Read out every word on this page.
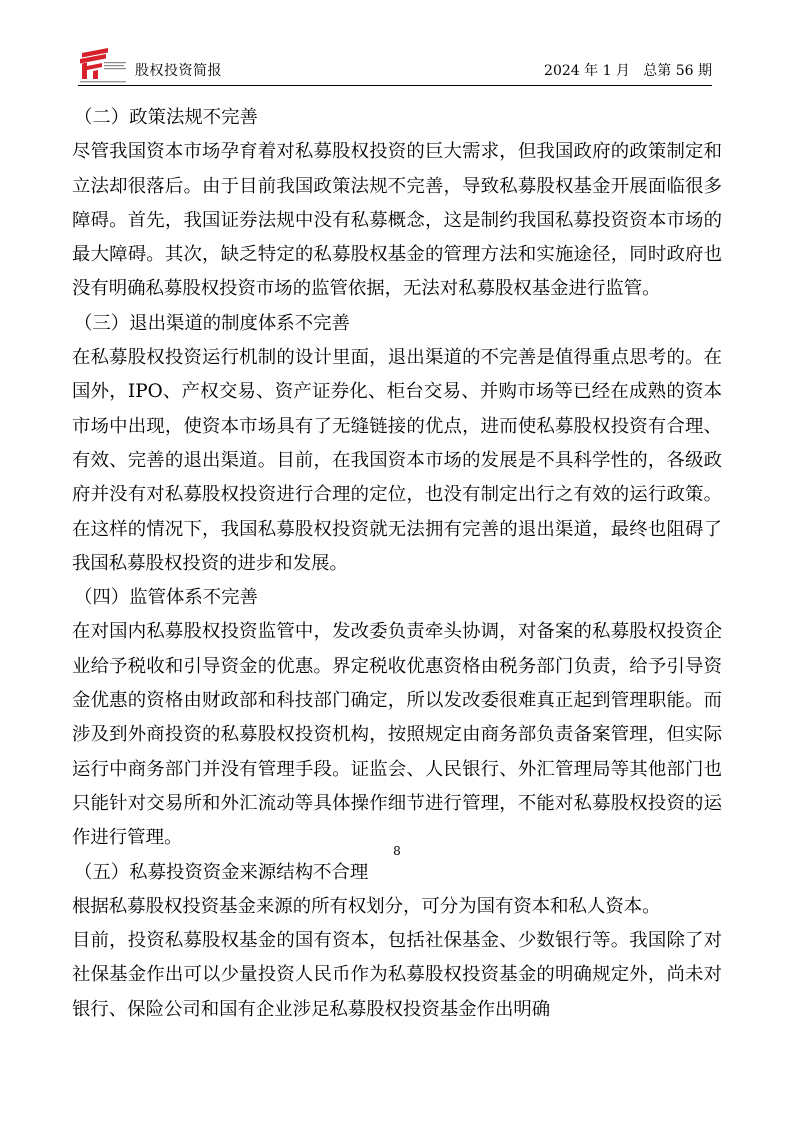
股权投资简报	2024 年 1 月   总第 56 期

（二）政策法规不完善

尽管我国资本市场孕育着对私募股权投资的巨大需求，但我国政府的政策制定和立法却很落后。由于目前我国政策法规不完善，导致私募股权基金开展面临很多障碍。首先，我国证券法规中没有私募概念，这是制约我国私募投资资本市场的最大障碍。其次，缺乏特定的私募股权基金的管理方法和实施途径，同时政府也没有明确私募股权投资市场的监管依据，无法对私募股权基金进行监管。

（三）退出渠道的制度体系不完善

在私募股权投资运行机制的设计里面，退出渠道的不完善是值得重点思考的。在国外，IPO、产权交易、资产证券化、柜台交易、并购市场等已经在成熟的资本市场中出现，使资本市场具有了无缝链接的优点，进而使私募股权投资有合理、有效、完善的退出渠道。目前，在我国资本市场的发展是不具科学性的，各级政府并没有对私募股权投资进行合理的定位，也没有制定出行之有效的运行政策。在这样的情况下，我国私募股权投资就无法拥有完善的退出渠道，最终也阻碍了我国私募股权投资的进步和发展。

（四）监管体系不完善

在对国内私募股权投资监管中，发改委负责牵头协调，对备案的私募股权投资企业给予税收和引导资金的优惠。界定税收优惠资格由税务部门负责，给予引导资金优惠的资格由财政部和科技部门确定，所以发改委很难真正起到管理职能。而涉及到外商投资的私募股权投资机构，按照规定由商务部负责备案管理，但实际运行中商务部门并没有管理手段。证监会、人民银行、外汇管理局等其他部门也只能针对交易所和外汇流动等具体操作细节进行管理，不能对私募股权投资的运作进行管理。

（五）私募投资资金来源结构不合理

根据私募股权投资基金来源的所有权划分，可分为国有资本和私人资本。

目前，投资私募股权基金的国有资本，包括社保基金、少数银行等。我国除了对社保基金作出可以少量投资人民币作为私募股权投资基金的明确规定外，尚未对银行、保险公司和国有企业涉足私募股权投资基金作出明确

8
